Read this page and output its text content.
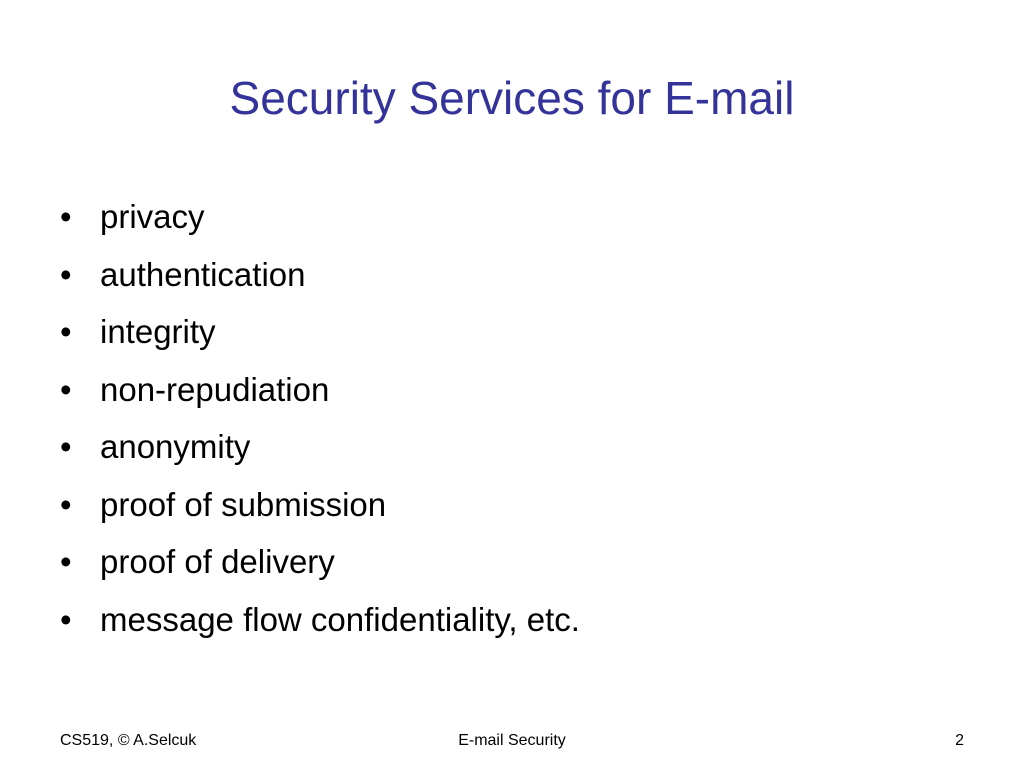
Security Services for E-mail
• privacy
• authentication
• integrity
• non-repudiation
• anonymity
• proof of submission
• proof of delivery
• message flow confidentiality, etc.
CS519, © A.Selcuk	E-mail Security	2
